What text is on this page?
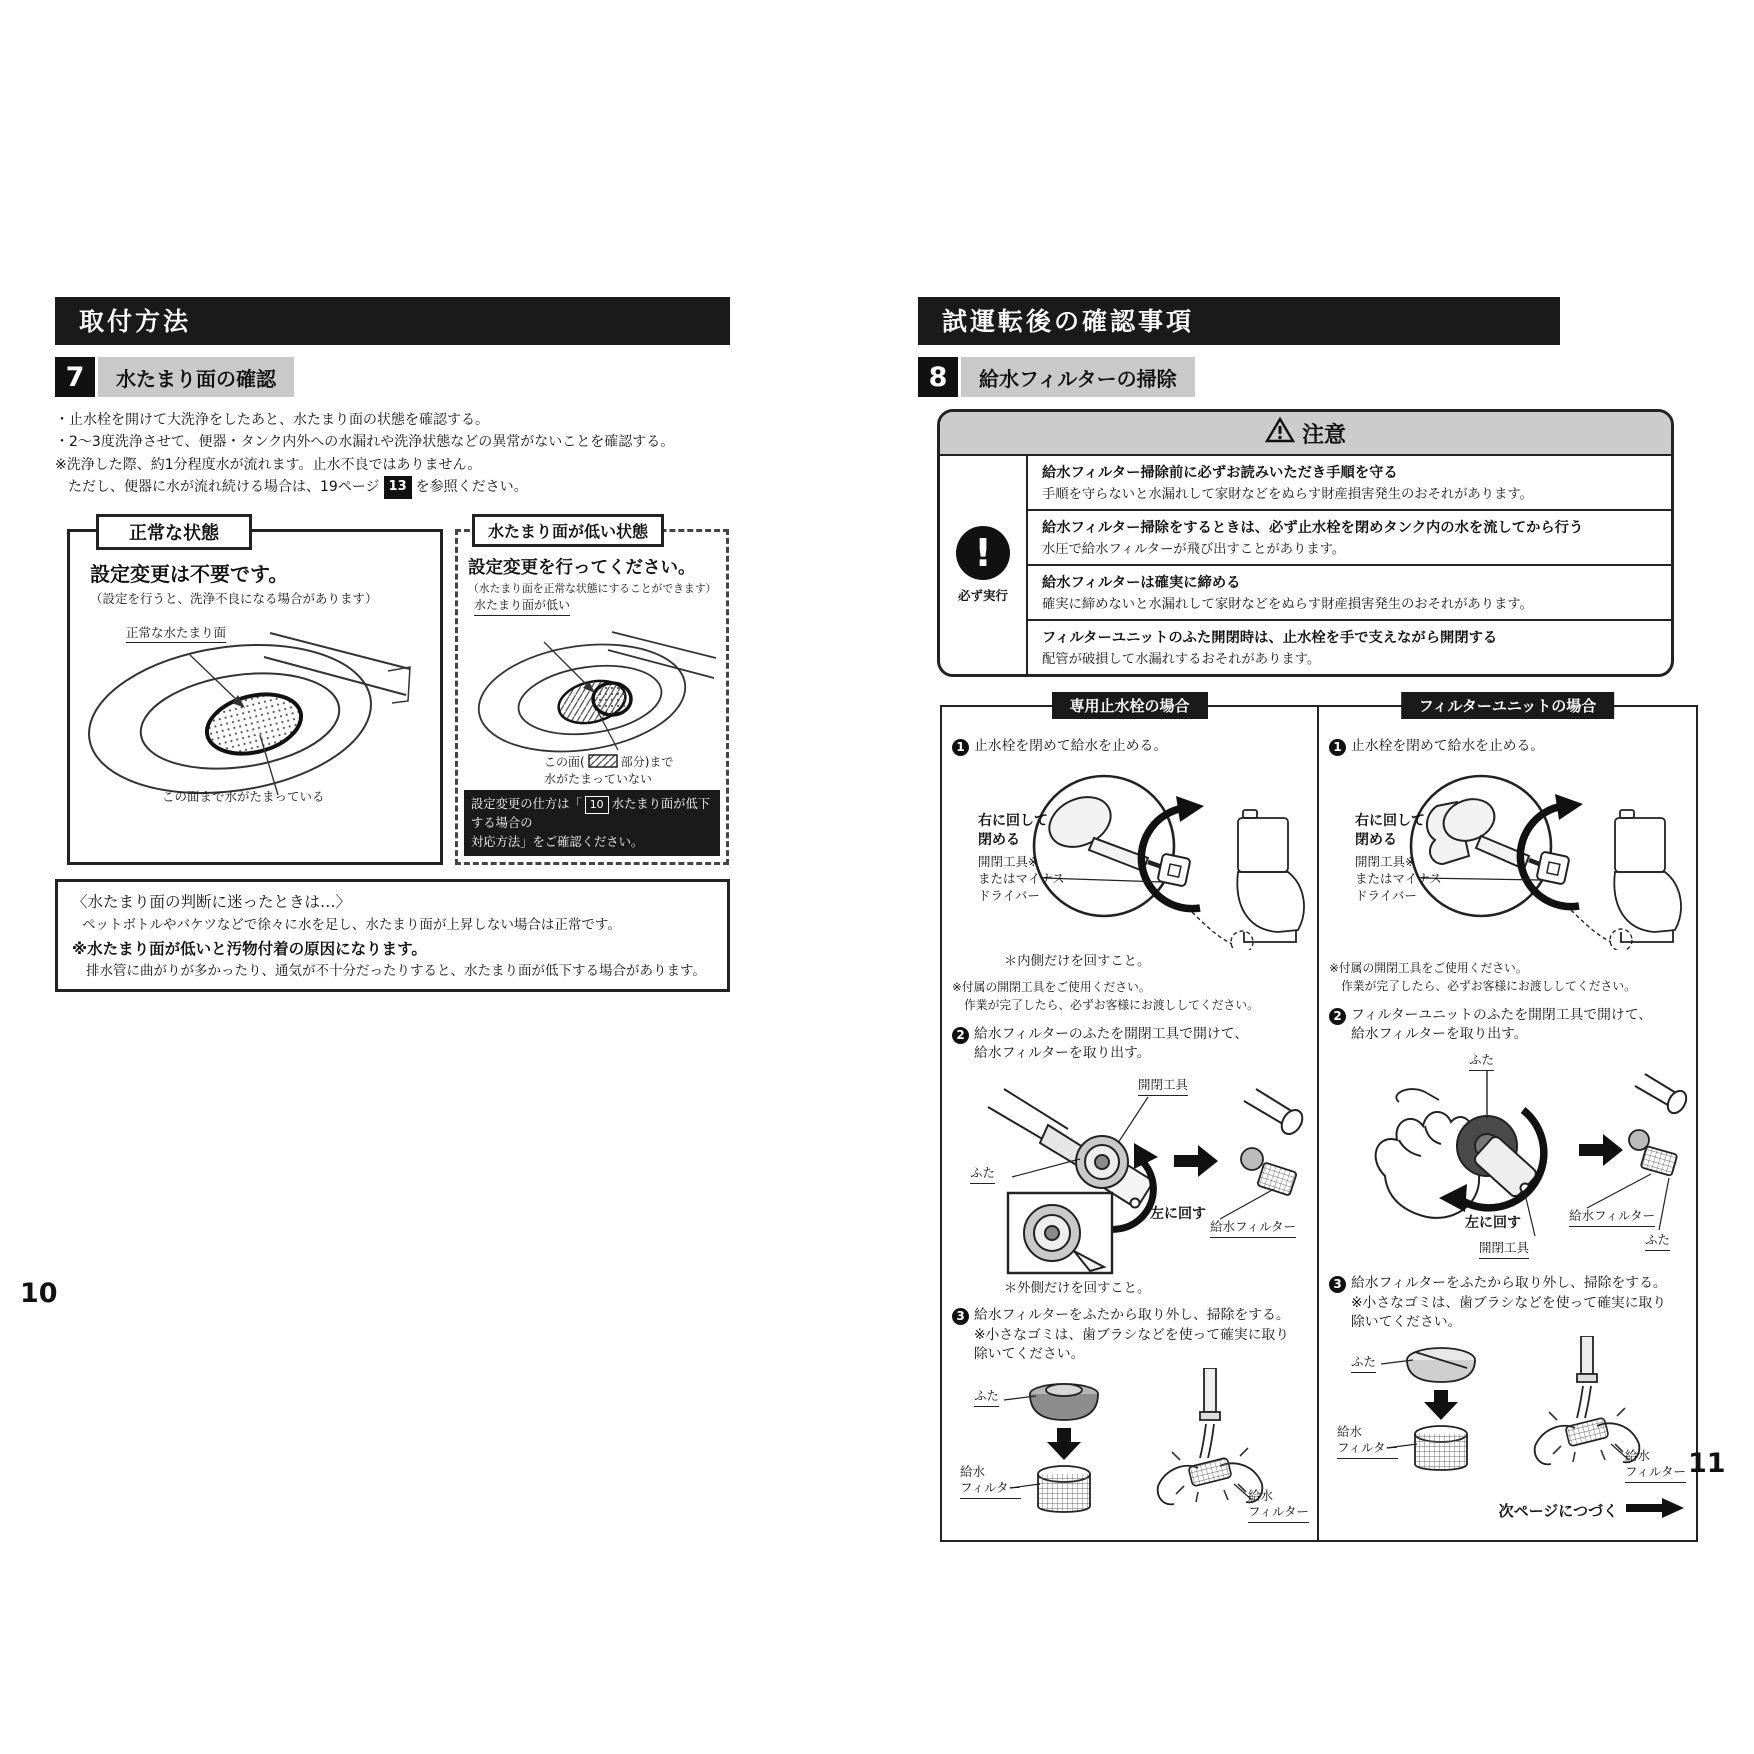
取付方法
7	水たまり面の確認
・止水栓を開けて大洗浄をしたあと、水たまり面の状態を確認する。
・2〜3度洗浄させて、便器・タンク内外への水漏れや洗浄状態などの異常がないことを確認する。
※洗浄した際、約1分程度水が流れます。止水不良ではありません。
ただし、便器に水が流れ続ける場合は、19ページ 13 を参照ください。
正常な状態
設定変更は不要です。
（設定を行うと、洗浄不良になる場合があります）
正常な水たまり面
この面まで水がたまっている
水たまり面が低い状態
設定変更を行ってください。
（水たまり面を正常な状態にすることができます）
水たまり面が低い
この面(	部分)まで
水がたまっていない
設定変更の仕方は「 10 水たまり面が低下する場合の
対応方法」をご確認ください。
〈水たまり面の判断に迷ったときは…〉
ペットボトルやバケツなどで徐々に水を足し、水たまり面が上昇しない場合は正常です。
※水たまり面が低いと汚物付着の原因になります。
排水管に曲がりが多かったり、通気が不十分だったりすると、水たまり面が低下する場合があります。
試運転後の確認事項
8	給水フィルターの掃除
注意
!
必ず実行
給水フィルター掃除前に必ずお読みいただき手順を守る
手順を守らないと水漏れして家財などをぬらす財産損害発生のおそれがあります。
給水フィルター掃除をするときは、必ず止水栓を閉めタンク内の水を流してから行う
水圧で給水フィルターが飛び出すことがあります。
給水フィルターは確実に締める
確実に締めないと水漏れして家財などをぬらす財産損害発生のおそれがあります。
フィルターユニットのふた開閉時は、止水栓を手で支えながら開閉する
配管が破損して水漏れするおそれがあります。
専用止水栓の場合
1 止水栓を閉めて給水を止める。
右に回して
閉める
開閉工具※
またはマイナス
ドライバー
＊内側だけを回すこと。
※付属の開閉工具をご使用ください。
作業が完了したら、必ずお客様にお渡ししてください。
2 給水フィルターのふたを開閉工具で開けて、
給水フィルターを取り出す。
開閉工具
ふた
給水フィルター
左に回す
＊外側だけを回すこと。
3 給水フィルターをふたから取り外し、掃除をする。
※小さなゴミは、歯ブラシなどを使って確実に取り
除いてください。
ふた
給水
フィルター
給水
フィルター
フィルターユニットの場合
1 止水栓を閉めて給水を止める。
右に回して
閉める
開閉工具※
またはマイナス
ドライバー
※付属の開閉工具をご使用ください。
作業が完了したら、必ずお客様にお渡ししてください。
2 フィルターユニットのふたを開閉工具で開けて、
給水フィルターを取り出す。
ふた
左に回す
開閉工具
給水フィルター
ふた
3 給水フィルターをふたから取り外し、掃除をする。
※小さなゴミは、歯ブラシなどを使って確実に取り
除いてください。
ふた
給水
フィルター
給水
フィルター
次ページにつづく
10
11
